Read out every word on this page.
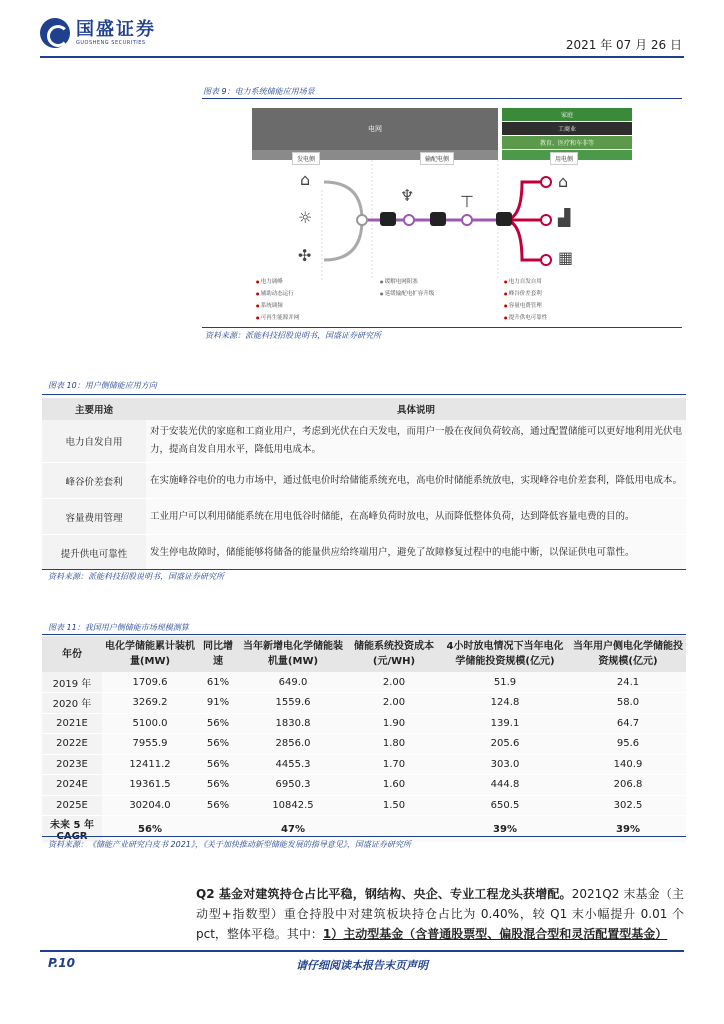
国盛证券
GUOSHENG SECURITIES	2021 年 07 月 26 日
图表 9：电力系统储能应用场景
电网
家庭
工商业
教育、医疗和车非等
发电侧	输配电侧	用电侧
⌂
☼
✣
♆	⊤
⌂
▟
▦
● 电力调峰
● 辅助动态运行
● 系统调频
● 可再生能源并网
● 缓解电网阻塞
● 延缓输配电扩容升级
● 电力自发自用
● 峰谷价差套利
● 容量电费管理
● 提升供电可靠性
资料来源：派能科技招股说明书，国盛证券研究所
图表 10：用户侧储能应用方向
主要用途	具体说明
电力自发自用	对于安装光伏的家庭和工商业用户，考虑到光伏在白天发电，而用户一般在夜间负荷较高，通过配置储能可以更好地利用光伏电力，提高自发自用水平，降低用电成本。
峰谷价差套利	在实施峰谷电价的电力市场中，通过低电价时给储能系统充电，高电价时储能系统放电，实现峰谷电价差套利，降低用电成本。
容量费用管理	工业用户可以利用储能系统在用电低谷时储能，在高峰负荷时放电，从而降低整体负荷，达到降低容量电费的目的。
提升供电可靠性	发生停电故障时，储能能够将储备的能量供应给终端用户，避免了故障修复过程中的电能中断，以保证供电可靠性。
资料来源：派能科技招股说明书，国盛证券研究所
图表 11：我国用户侧储能市场规模测算
年份	电化学储能累计装机量(MW)	同比增速	当年新增电化学储能装机量(MW)	储能系统投资成本(元/WH)	4小时放电情况下当年电化学储能投资规模(亿元)	当年用户侧电化学储能投资规模(亿元)
2019 年	1709.6	61%	649.0	2.00	51.9	24.1
2020 年	3269.2	91%	1559.6	2.00	124.8	58.0
2021E	5100.0	56%	1830.8	1.90	139.1	64.7
2022E	7955.9	56%	2856.0	1.80	205.6	95.6
2023E	12411.2	56%	4455.3	1.70	303.0	140.9
2024E	19361.5	56%	6950.3	1.60	444.8	206.8
2025E	30204.0	56%	10842.5	1.50	650.5	302.5
未来 5 年	56%		47%		39%	39%
资料来源：《储能产业研究白皮书 2021》，《关于加快推动新型储能发展的指导意见》，国盛证券研究所
Q2 基金对建筑持仓占比平稳，钢结构、央企、专业工程龙头获增配。2021Q2 末基金（主动型+指数型）重仓持股中对建筑板块持仓占比为 0.40%，较 Q1 末小幅提升 0.01 个 pct，整体平稳。其中：1）主动型基金（含普通股票型、偏股混合型和灵活配置型基金）
P.10	请仔细阅读本报告末页声明
